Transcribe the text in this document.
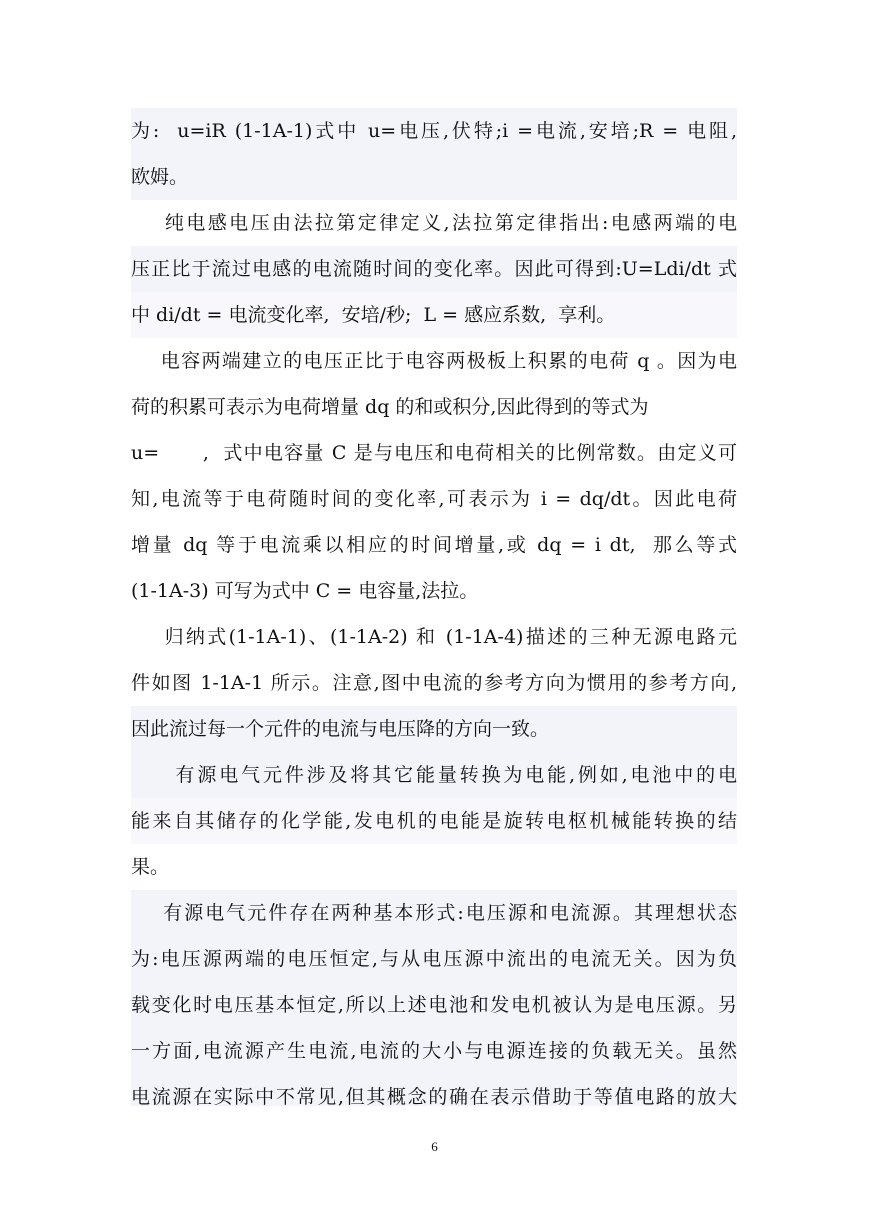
为:  u=iR (1-1A-1)式中 u=电压,伏特;i =电流,安培;R = 电阻,
欧姆。
纯电感电压由法拉第定律定义,法拉第定律指出:电感两端的电
压正比于流过电感的电流随时间的变化率。因此可得到:U=Ldi/dt 式
中 di/dt = 电流变化率,  安培/秒;  L = 感应系数,  享利。
电容两端建立的电压正比于电容两极板上积累的电荷 q 。因为电
荷的积累可表示为电荷增量 dq 的和或积分,因此得到的等式为
u=      ,  式中电容量 C 是与电压和电荷相关的比例常数。由定义可
知,电流等于电荷随时间的变化率,可表示为 i = dq/dt。因此电荷
增量 dq 等于电流乘以相应的时间增量,或 dq = i dt,  那么等式
(1-1A-3) 可写为式中 C = 电容量,法拉。
归纳式(1-1A-1)、(1-1A-2) 和 (1-1A-4)描述的三种无源电路元
件如图 1-1A-1 所示。注意,图中电流的参考方向为惯用的参考方向,
因此流过每一个元件的电流与电压降的方向一致。
有源电气元件涉及将其它能量转换为电能,例如,电池中的电
能来自其储存的化学能,发电机的电能是旋转电枢机械能转换的结
果。
有源电气元件存在两种基本形式:电压源和电流源。其理想状态
为:电压源两端的电压恒定,与从电压源中流出的电流无关。因为负
载变化时电压基本恒定,所以上述电池和发电机被认为是电压源。另
一方面,电流源产生电流,电流的大小与电源连接的负载无关。虽然
电流源在实际中不常见,但其概念的确在表示借助于等值电路的放大
6
